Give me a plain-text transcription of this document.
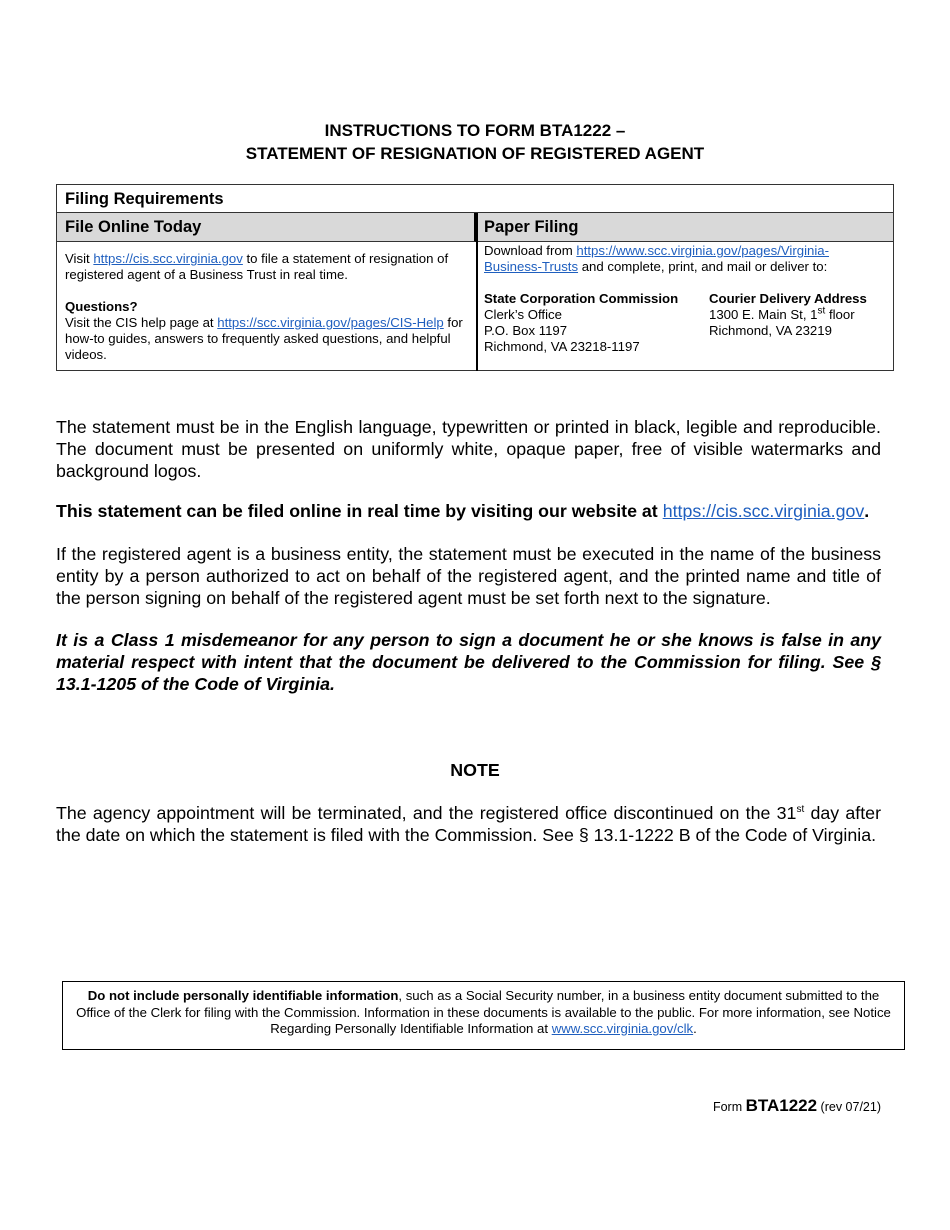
INSTRUCTIONS TO FORM BTA1222 –
STATEMENT OF RESIGNATION OF REGISTERED AGENT
Filing Requirements
File Online Today	Paper Filing
Visit https://cis.scc.virginia.gov to file a statement of resignation of registered agent of a Business Trust in real time.
Questions?
Visit the CIS help page at https://scc.virginia.gov/pages/CIS-Help for how-to guides, answers to frequently asked questions, and helpful videos.
Download from https://www.scc.virginia.gov/pages/Virginia-Business-Trusts and complete, print, and mail or deliver to:
State Corporation Commission
Clerk’s Office
P.O. Box 1197
Richmond, VA 23218-1197
Courier Delivery Address
1300 E. Main St, 1st floor
Richmond, VA 23219
The statement must be in the English language, typewritten or printed in black, legible and reproducible. The document must be presented on uniformly white, opaque paper, free of visible watermarks and background logos.
This statement can be filed online in real time by visiting our website at https://cis.scc.virginia.gov.
If the registered agent is a business entity, the statement must be executed in the name of the business entity by a person authorized to act on behalf of the registered agent, and the printed name and title of the person signing on behalf of the registered agent must be set forth next to the signature.
It is a Class 1 misdemeanor for any person to sign a document he or she knows is false in any material respect with intent that the document be delivered to the Commission for filing. See § 13.1-1205 of the Code of Virginia.
NOTE
The agency appointment will be terminated, and the registered office discontinued on the 31st day after the date on which the statement is filed with the Commission. See § 13.1-1222 B of the Code of Virginia.
Do not include personally identifiable information, such as a Social Security number, in a business entity document submitted to the Office of the Clerk for filing with the Commission. Information in these documents is available to the public. For more information, see Notice Regarding Personally Identifiable Information at www.scc.virginia.gov/clk.
Form BTA1222 (rev 07/21)
